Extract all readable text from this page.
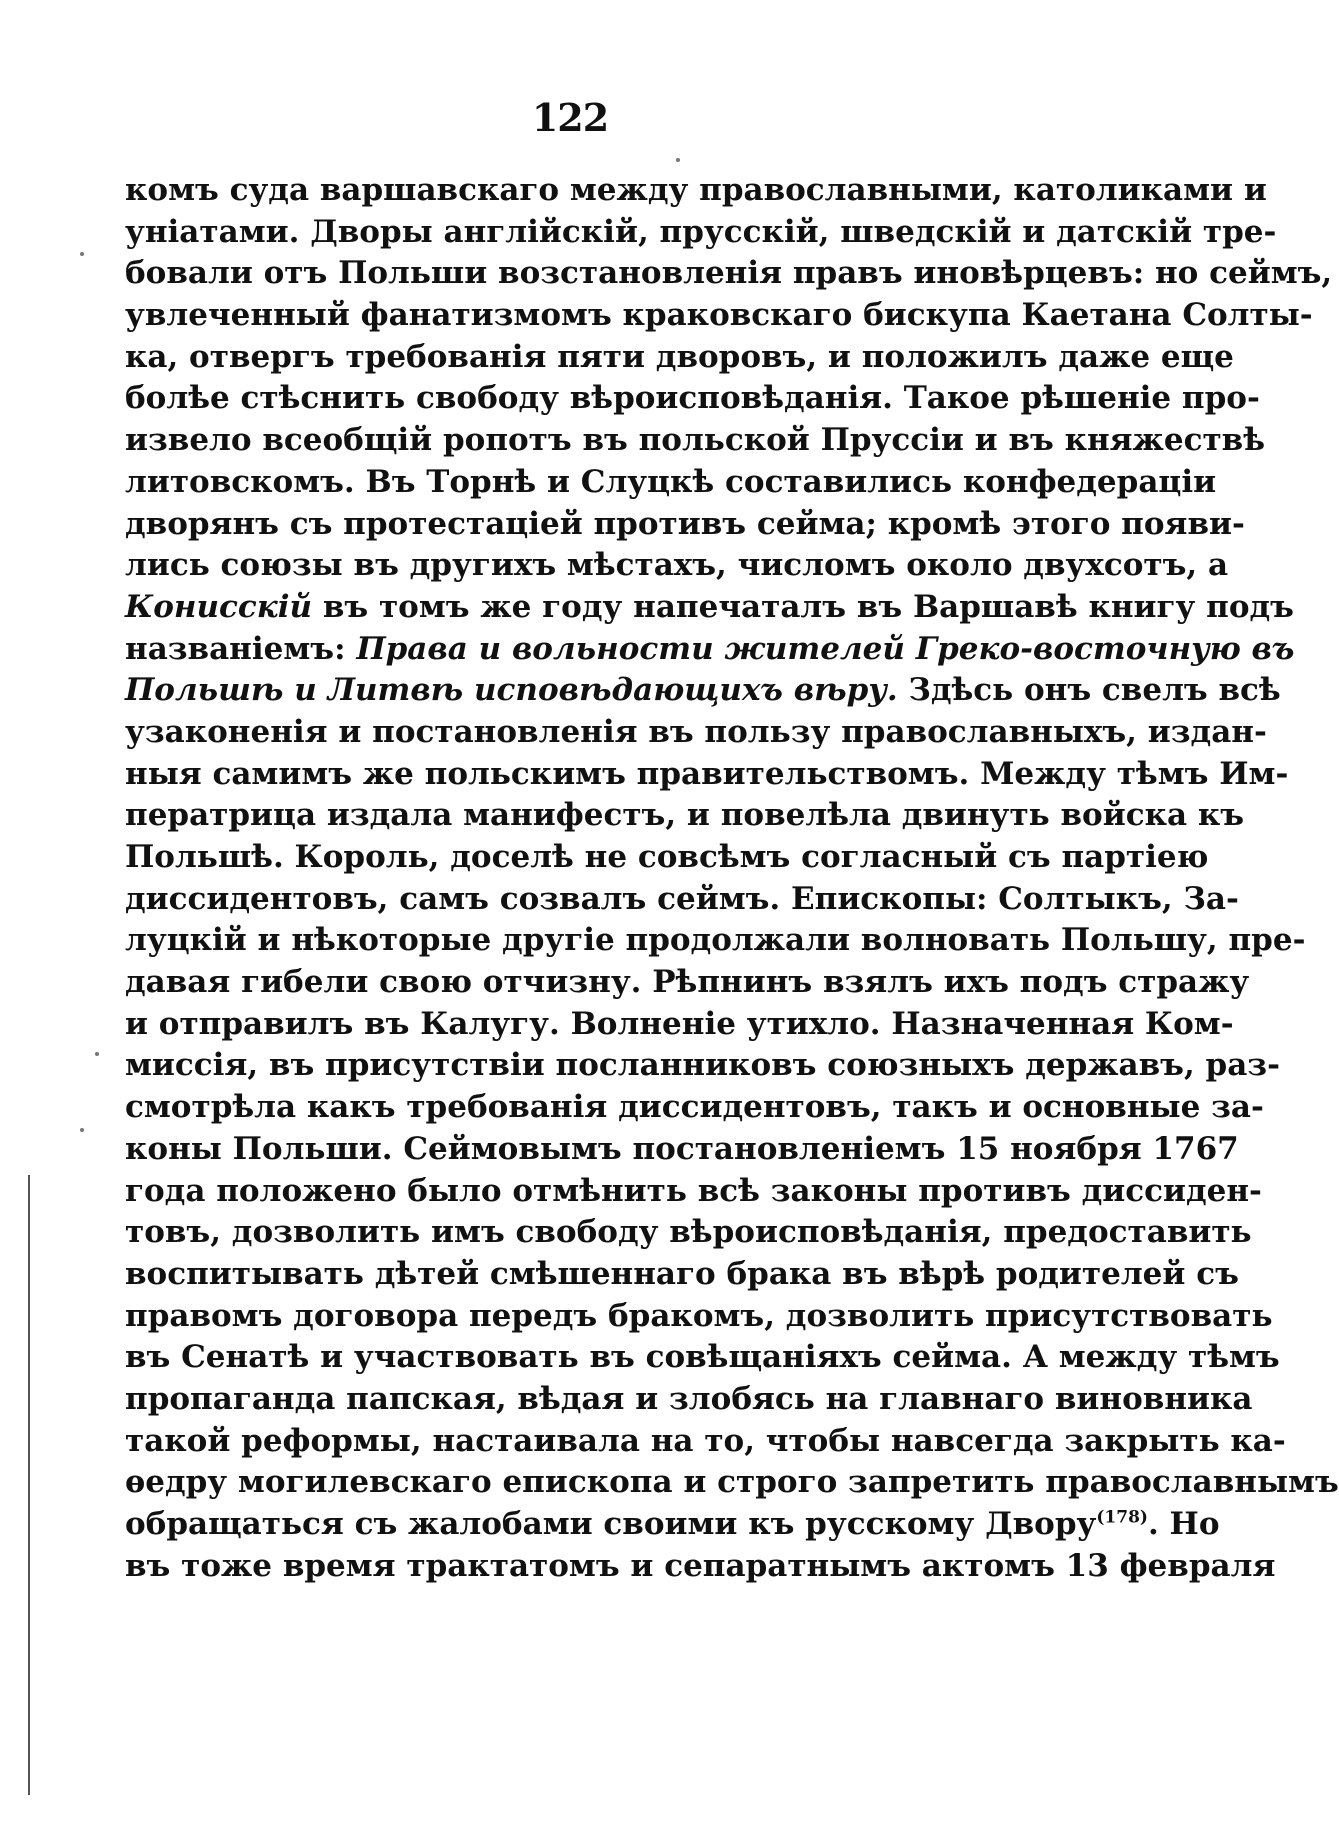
122
комъ суда варшавскаго между православными, католиками и
уніатами. Дворы англійскій, прусскій, шведскій и датскій тре-
бовали отъ Польши возстановленія правъ иновѣрцевъ: но сеймъ,
увлеченный фанатизмомъ краковскаго бискупа Каетана Солты-
ка, отвергъ требованія пяти дворовъ, и положилъ даже еще
болѣе стѣснить свободу вѣроисповѣданія. Такое рѣшеніе про-
извело всеобщій ропотъ въ польской Пруссіи и въ княжествѣ
литовскомъ. Въ Торнѣ и Слуцкѣ составились конфедераціи
дворянъ съ протестаціей противъ сейма; кромѣ этого появи-
лись союзы въ другихъ мѣстахъ, числомъ около двухсотъ, а
Конисскій въ томъ же году напечаталъ въ Варшавѣ книгу подъ
названіемъ: Права и вольности жителей Греко-восточную въ
Польшѣ и Литвѣ исповѣдающихъ вѣру. Здѣсь онъ свелъ всѣ
узаконенія и постановленія въ пользу православныхъ, издан-
ныя самимъ же польскимъ правительствомъ. Между тѣмъ Им-
ператрица издала манифестъ, и повелѣла двинуть войска къ
Польшѣ. Король, доселѣ не совсѣмъ согласный съ партіею
диссидентовъ, самъ созвалъ сеймъ. Епископы: Солтыкъ, За-
луцкій и нѣкоторые другіе продолжали волновать Польшу, пре-
давая гибели свою отчизну. Рѣпнинъ взялъ ихъ подъ стражу
и отправилъ въ Калугу. Волненіе утихло. Назначенная Ком-
миссія, въ присутствіи посланниковъ союзныхъ державъ, раз-
смотрѣла какъ требованія диссидентовъ, такъ и основные за-
коны Польши. Сеймовымъ постановленіемъ 15 ноября 1767
года положено было отмѣнить всѣ законы противъ диссиден-
товъ, дозволить имъ свободу вѣроисповѣданія, предоставить
воспитывать дѣтей смѣшеннаго брака въ вѣрѣ родителей съ
правомъ договора передъ бракомъ, дозволить присутствовать
въ Сенатѣ и участвовать въ совѣщаніяхъ сейма. А между тѣмъ
пропаганда папская, вѣдая и злобясь на главнаго виновника
такой реформы, настаивала на то, чтобы навсегда закрыть ка-
ѳедру могилевскаго епископа и строго запретить православнымъ
обращаться съ жалобами своими къ русскому Двору$^{(178)}$. Но
въ тоже время трактатомъ и сепаратнымъ актомъ 13 февраля
